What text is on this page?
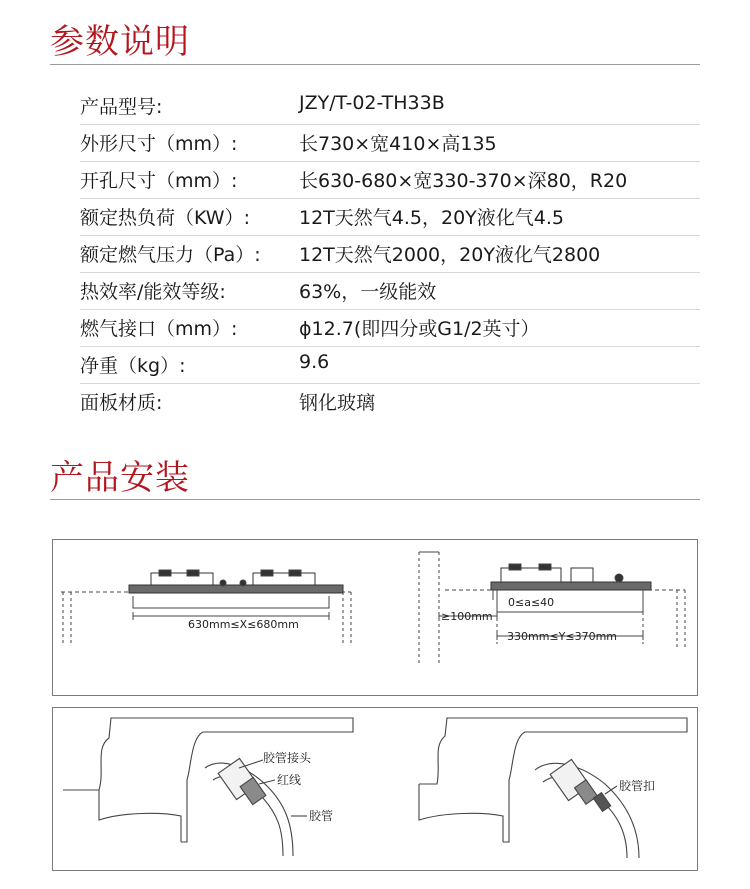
参数说明
产品型号:	JZY/T-02-TH33B
外形尺寸（mm）:	长730×宽410×高135
开孔尺寸（mm）:	长630-680×宽330-370×深80，R20
额定热负荷（KW）:	12T天然气4.5，20Y液化气4.5
额定燃气压力（Pa）: 12T天然气2000，20Y液化气2800
热效率/能效等级:	63%，一级能效
燃气接口（mm）:	ϕ12.7(即四分或G1/2英寸）
净重（kg）:	9.6
面板材质:	钢化玻璃
产品安装
630mm≤X≤680mm
0≤a≤40
≥100mm
330mm≤Y≤370mm
胶管接头
红线
胶管
胶管扣
